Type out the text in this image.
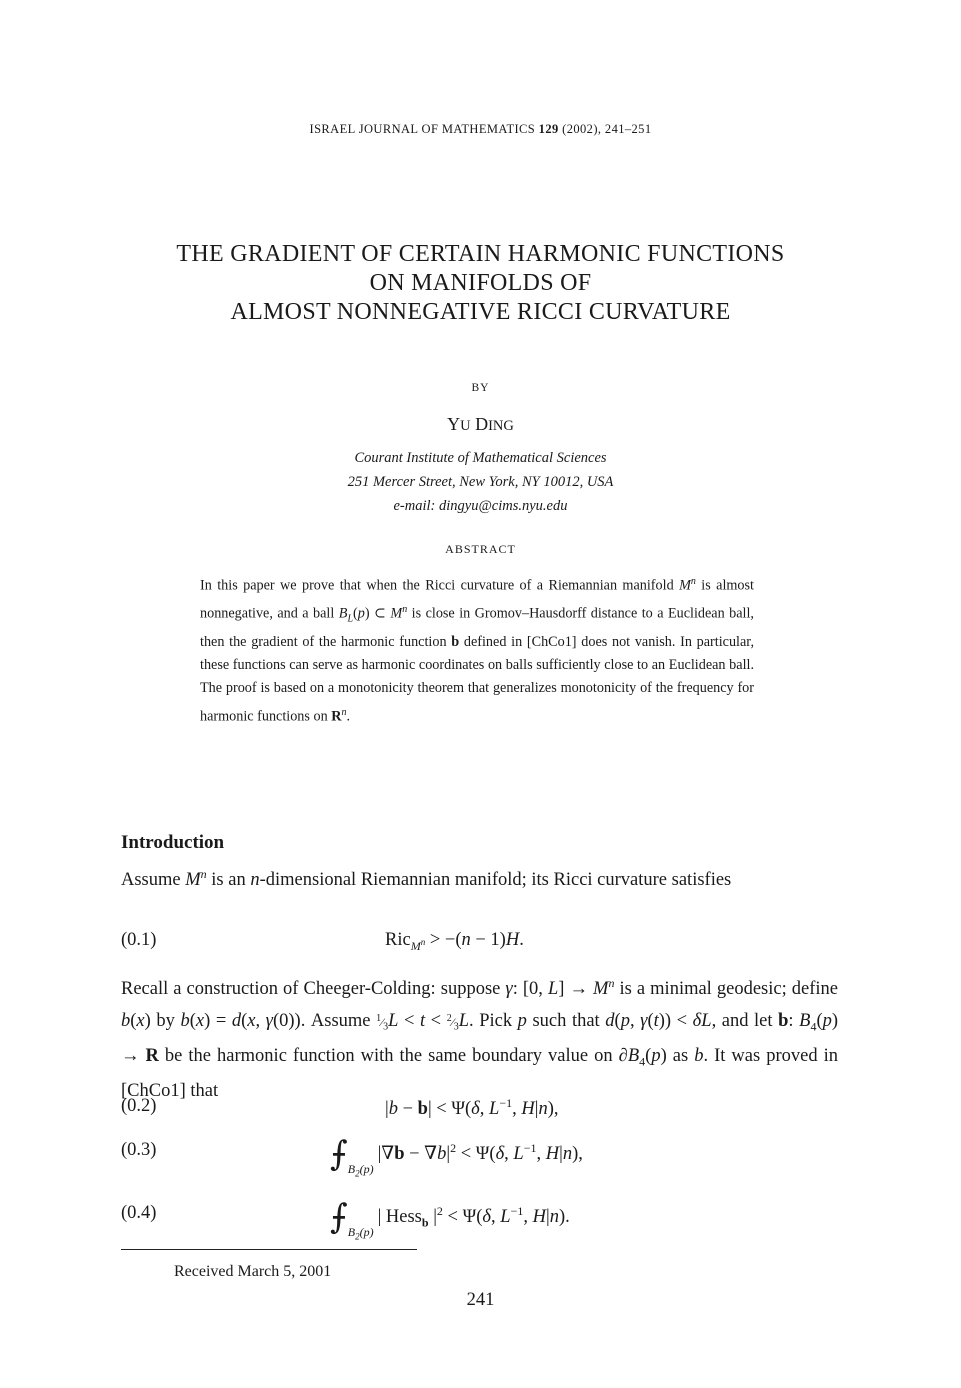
ISRAEL JOURNAL OF MATHEMATICS 129 (2002), 241–251
THE GRADIENT OF CERTAIN HARMONIC FUNCTIONS
ON MANIFOLDS OF
ALMOST NONNEGATIVE RICCI CURVATURE
BY
YU DING
Courant Institute of Mathematical Sciences
251 Mercer Street, New York, NY 10012, USA
e-mail: dingyu@cims.nyu.edu
ABSTRACT

In this paper we prove that when the Ricci curvature of a Riemannian manifold $M^n$ is almost nonnegative, and a ball $B_L(p)$ ⊂ $M^n$ is close in Gromov–Hausdorff distance to a Euclidean ball, then the gradient of the harmonic function b defined in [ChCo1] does not vanish. In particular, these functions can serve as harmonic coordinates on balls sufficiently close to an Euclidean ball. The proof is based on a monotonicity theorem that generalizes monotonicity of the frequency for harmonic functions on $R^n$.

Introduction

Assume $M^n$ is an n-dimensional Riemannian manifold; its Ricci curvature satisfies

(0.1)	Ric$_{M^n}$ > −(n − 1)H.

Recall a construction of Cheeger-Colding: suppose γ: [0, $L] \to M^n$ is a minimal geodesic; define b(x) by b(x) = d(x, γ(0)). Assume $^1⁄_3L < t$ < $^2⁄_3L$. Pick p such that d(p, γ(t)) < δL, and let b: $B_4(p) \to R$ be the harmonic function with the same boundary value on $\partial B_4(p)$ as b. It was proved in [ChCo1] that

(0.2)	|b − b| < Ψ(δ, $L^{-1}$, H|n),
(0.3)	$⨍_{B_2(p)}|\nabla b - \nabla b|^2 < \Psi(\delta$, $L^{-1}$, H|n),
(0.4)	$⨍_{B_2(p)}|$ Hess$_b$ $|^2 < \Psi(\delta$, $L^{-1}$, H|n).
Received March 5, 2001
241
